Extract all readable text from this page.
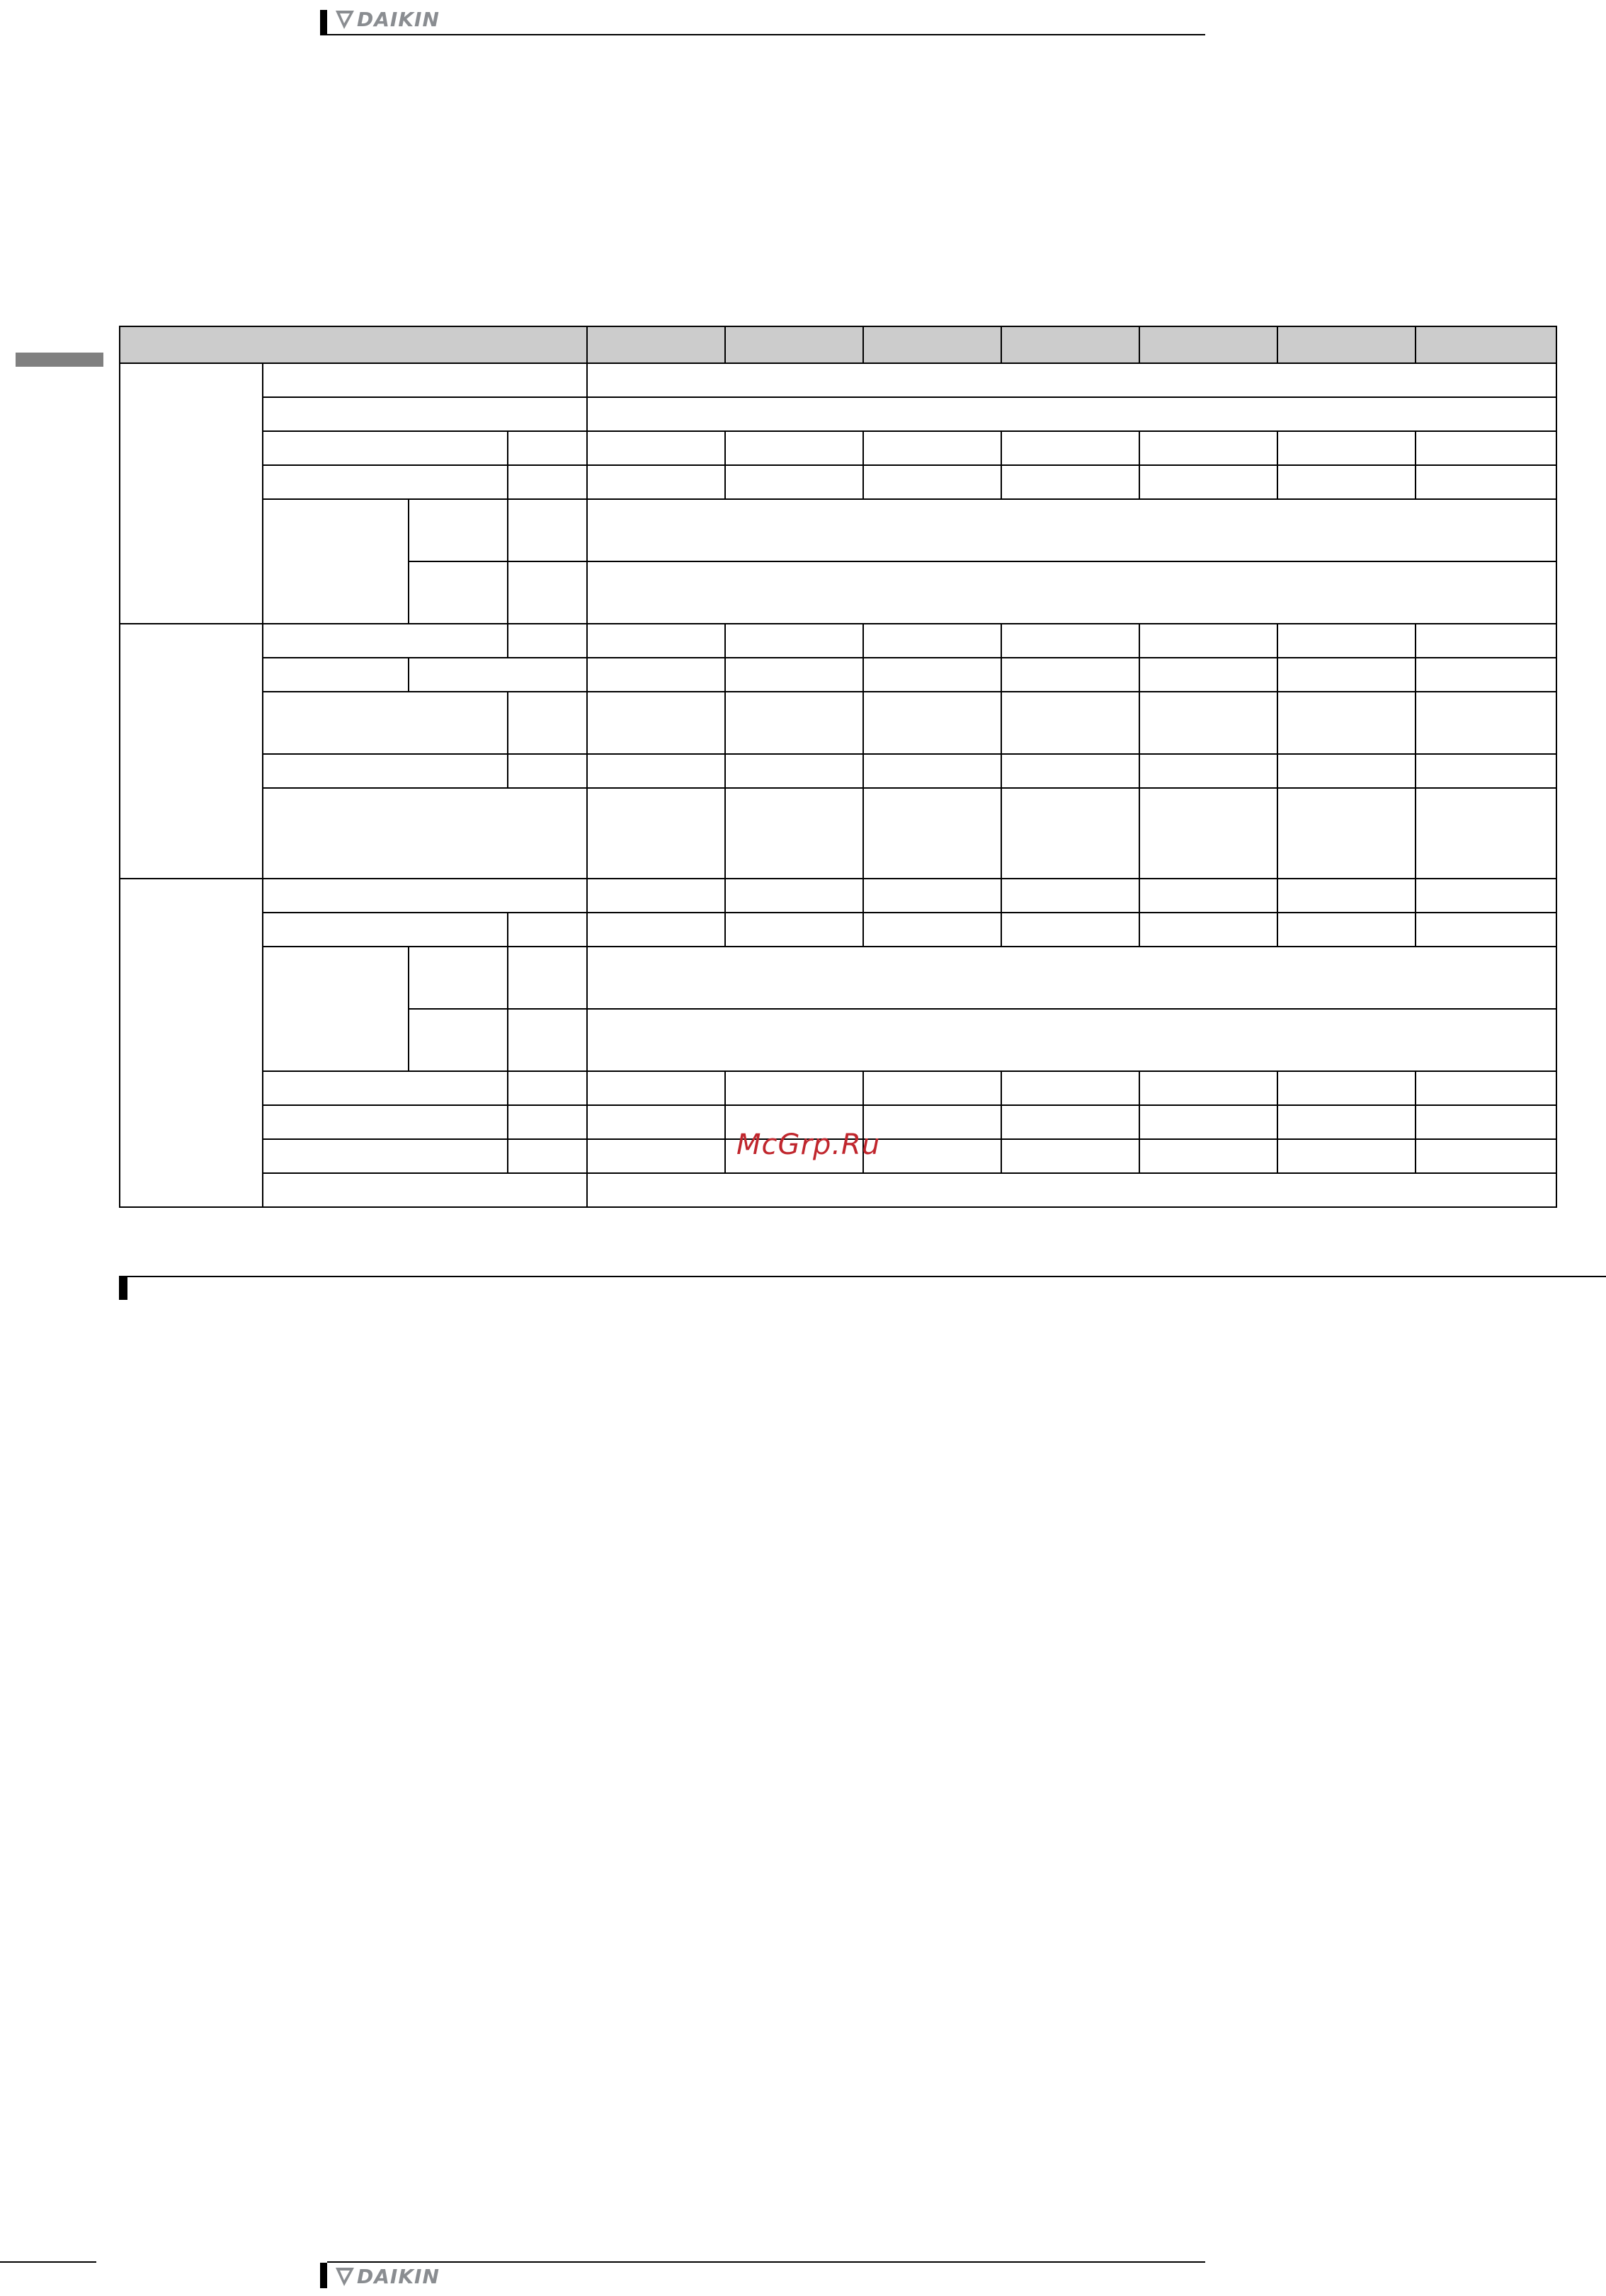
DAIKIN

McGrp.Ru
DAIKIN
